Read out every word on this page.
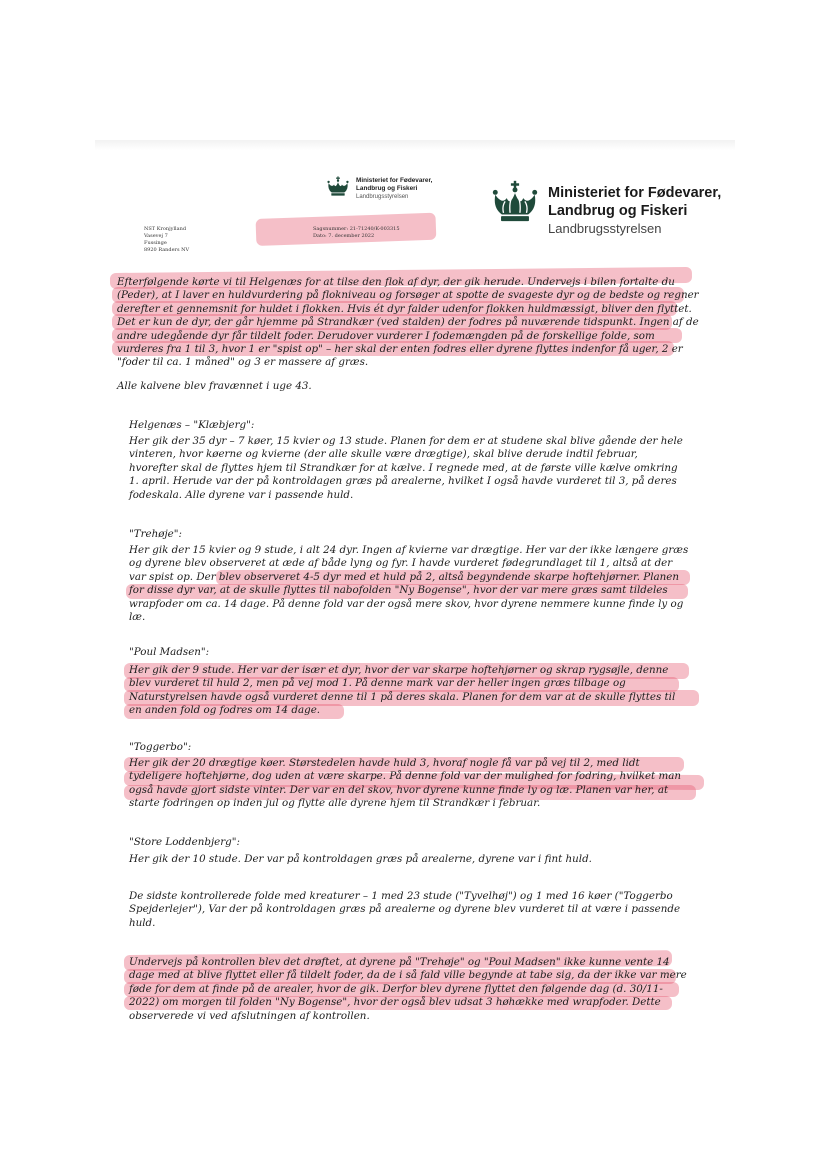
Ministeriet for Fødevarer,
Landbrug og Fiskeri
Landbrugsstyrelsen	Ministeriet for Fødevarer,
Landbrug og Fiskeri
Landbrugsstyrelsen
NST Kronjylland
Vasevej 7
Fussinge
8920 Randers NV
Sagsnummer: 21-71240/K-003315
Dato: 7. december 2022
Efterfølgende kørte vi til Helgenæs for at tilse den flok af dyr, der gik herude. Undervejs i bilen fortalte du (Peder), at I laver en huldvurdering på flokniveau og forsøger at spotte de svageste dyr og de bedste og regner derefter et gennemsnit for huldet i flokken. Hvis ét dyr falder udenfor flokken huldmæssigt, bliver den flyttet. Det er kun de dyr, der går hjemme på Strandkær (ved stalden) der fodres på nuværende tidspunkt. Ingen af de andre udegående dyr får tildelt foder. Derudover vurderer I fodemængden på de forskellige folde, som vurderes fra 1 til 3, hvor 1 er "spist op" – her skal der enten fodres eller dyrene flyttes indenfor få uger, 2 er "foder til ca. 1 måned" og 3 er massere af græs.
Alle kalvene blev fravænnet i uge 43.
Helgenæs – "Klæbjerg":
Her gik der 35 dyr – 7 køer, 15 kvier og 13 stude. Planen for dem er at studene skal blive gående der hele vinteren, hvor køerne og kvierne (der alle skulle være drægtige), skal blive derude indtil februar, hvorefter skal de flyttes hjem til Strandkær for at kælve. I regnede med, at de første ville kælve omkring 1. april. Herude var der på kontroldagen græs på arealerne, hvilket I også havde vurderet til 3, på deres fodeskala. Alle dyrene var i passende huld.
"Trehøje":
Her gik der 15 kvier og 9 stude, i alt 24 dyr. Ingen af kvierne var drægtige. Her var der ikke længere græs og dyrene blev observeret at æde af både lyng og fyr. I havde vurderet fødegrundlaget til 1, altså at der var spist op. Der blev observeret 4-5 dyr med et huld på 2, altså begyndende skarpe hoftehjørner. Planen for disse dyr var, at de skulle flyttes til nabofolden "Ny Bogense", hvor der var mere græs samt tildeles wrapfoder om ca. 14 dage. På denne fold var der også mere skov, hvor dyrene nemmere kunne finde ly og læ.
"Poul Madsen":
Her gik der 9 stude. Her var der især et dyr, hvor der var skarpe hoftehjørner og skrap rygsøjle, denne blev vurderet til huld 2, men på vej mod 1. På denne mark var der heller ingen græs tilbage og Naturstyrelsen havde også vurderet denne til 1 på deres skala. Planen for dem var at de skulle flyttes til en anden fold og fodres om 14 dage.
"Toggerbo":
Her gik der 20 drægtige køer. Størstedelen havde huld 3, hvoraf nogle få var på vej til 2, med lidt tydeligere hoftehjørne, dog uden at være skarpe. På denne fold var der mulighed for fodring, hvilket man også havde gjort sidste vinter. Der var en del skov, hvor dyrene kunne finde ly og læ. Planen var her, at starte fodringen op inden jul og flytte alle dyrene hjem til Strandkær i februar.
"Store Loddenbjerg":
Her gik der 10 stude. Der var på kontroldagen græs på arealerne, dyrene var i fint huld.
De sidste kontrollerede folde med kreaturer – 1 med 23 stude ("Tyvelhøj") og 1 med 16 køer ("Toggerbo Spejderlejer"), Var der på kontroldagen græs på arealerne og dyrene blev vurderet til at være i passende huld.
Undervejs på kontrollen blev det drøftet, at dyrene på "Trehøje" og "Poul Madsen" ikke kunne vente 14 dage med at blive flyttet eller få tildelt foder, da de i så fald ville begynde at tabe sig, da der ikke var mere føde for dem at finde på de arealer, hvor de gik. Derfor blev dyrene flyttet den følgende dag (d. 30/11-2022) om morgen til folden "Ny Bogense", hvor der også blev udsat 3 høhække med wrapfoder. Dette observerede vi ved afslutningen af kontrollen.
